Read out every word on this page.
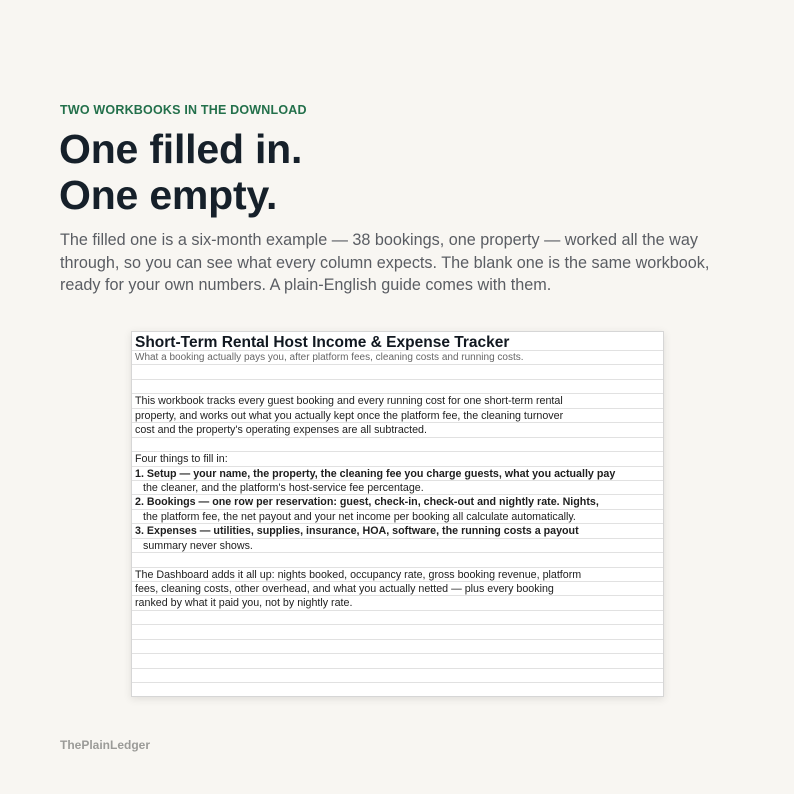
TWO WORKBOOKS IN THE DOWNLOAD

One filled in.
One empty.

The filled one is a six-month example — 38 bookings, one property — worked all the way
through, so you can see what every column expects. The blank one is the same workbook,
ready for your own numbers. A plain-English guide comes with them.

Short-Term Rental Host Income & Expense Tracker
What a booking actually pays you, after platform fees, cleaning costs and running costs.
This workbook tracks every guest booking and every running cost for one short-term rental
property, and works out what you actually kept once the platform fee, the cleaning turnover
cost and the property's operating expenses are all subtracted.
Four things to fill in:
1. Setup — your name, the property, the cleaning fee you charge guests, what you actually pay
the cleaner, and the platform's host-service fee percentage.
2. Bookings — one row per reservation: guest, check-in, check-out and nightly rate. Nights,
the platform fee, the net payout and your net income per booking all calculate automatically.
3. Expenses — utilities, supplies, insurance, HOA, software, the running costs a payout
summary never shows.
The Dashboard adds it all up: nights booked, occupancy rate, gross booking revenue, platform
fees, cleaning costs, other overhead, and what you actually netted — plus every booking
ranked by what it paid you, not by nightly rate.

ThePlainLedger
